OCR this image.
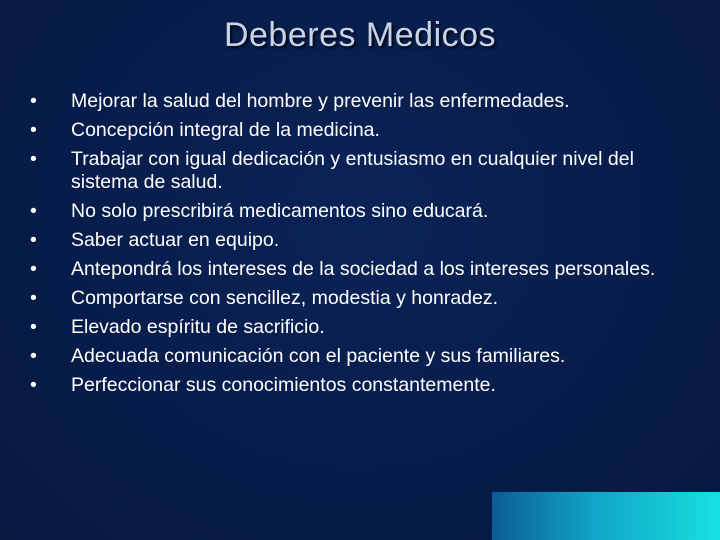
Deberes Medicos
• Mejorar la salud del hombre y prevenir las enfermedades.
• Concepción integral de la medicina.
• Trabajar con igual dedicación y entusiasmo en cualquier nivel del sistema de salud.
• No solo prescribirá medicamentos sino educará.
• Saber actuar en equipo.
• Antepondrá los intereses de la sociedad a los intereses personales.
• Comportarse con sencillez, modestia y honradez.
• Elevado espíritu de sacrificio.
• Adecuada comunicación con el paciente y sus familiares.
• Perfeccionar sus conocimientos constantemente.
